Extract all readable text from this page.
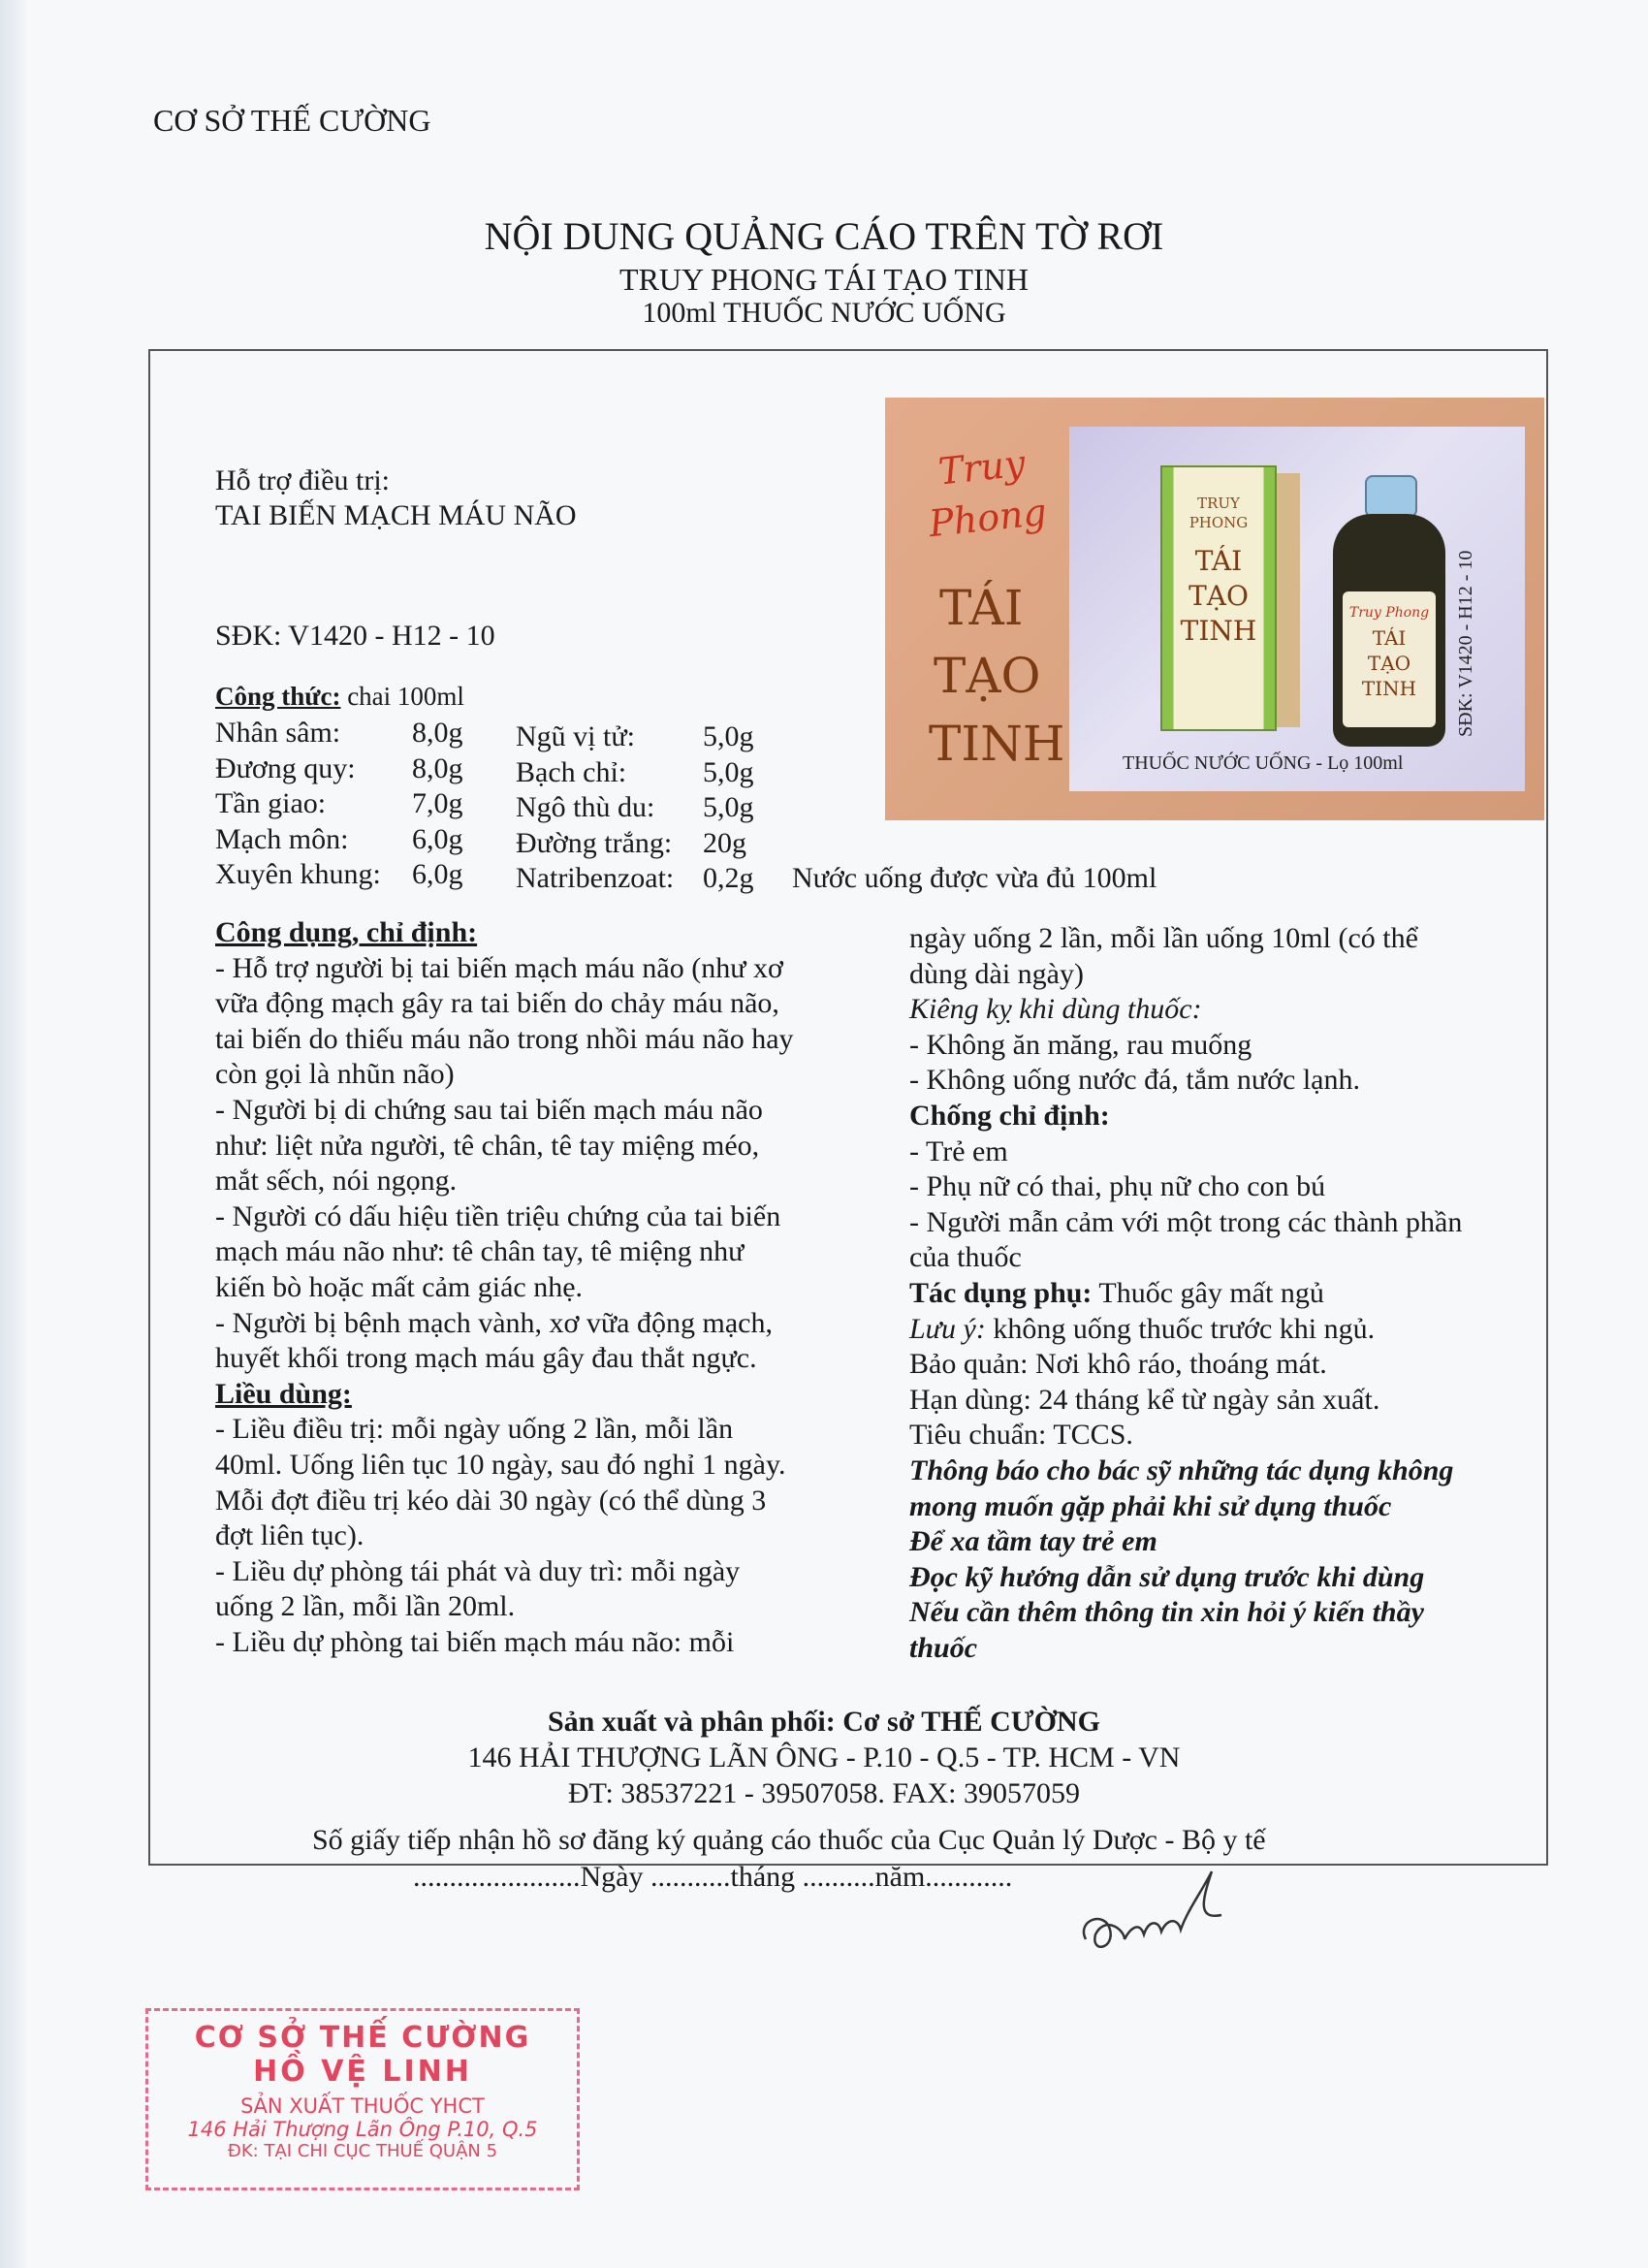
CƠ SỞ THẾ CƯỜNG
NỘI DUNG QUẢNG CÁO TRÊN TỜ RƠI
TRUY PHONG TÁI TẠO TINH
100ml THUỐC NƯỚC UỐNG
Hỗ trợ điều trị:
TAI BIẾN MẠCH MÁU NÃO
SĐK: V1420 - H12 - 10
Công thức: chai 100ml
Nhân sâm:
Đương quy:
Tần giao:
Mạch môn:
Xuyên khung:
8,0g
8,0g
7,0g
6,0g
6,0g
Ngũ vị tử:
Bạch chỉ:
Ngô thù du:
Đường trắng:
Natribenzoat:
5,0g
5,0g
5,0g
20g
0,2g Nước uống được vừa đủ 100ml
Truy
Phong
TÁI
TẠO
TINH
TRUY
PHONG
TÁI
TẠO
TINH
Truy Phong
TÁI
TẠO
TINH
THUỐC NƯỚC UỐNG - Lọ 100ml
SĐK: V1420 - H12 - 10
Công dụng, chỉ định:
- Hỗ trợ người bị tai biến mạch máu não (như xơ
vữa động mạch gây ra tai biến do chảy máu não,
tai biến do thiếu máu não trong nhồi máu não hay
còn gọi là nhũn não)
- Người bị di chứng sau tai biến mạch máu não
như: liệt nửa người, tê chân, tê tay miệng méo,
mắt sếch, nói ngọng.
- Người có dấu hiệu tiền triệu chứng của tai biến
mạch máu não như: tê chân tay, tê miệng như
kiến bò hoặc mất cảm giác nhẹ.
- Người bị bệnh mạch vành, xơ vữa động mạch,
huyết khối trong mạch máu gây đau thắt ngực.
Liều dùng:
- Liều điều trị: mỗi ngày uống 2 lần, mỗi lần
40ml. Uống liên tục 10 ngày, sau đó nghỉ 1 ngày.
Mỗi đợt điều trị kéo dài 30 ngày (có thể dùng 3
đợt liên tục).
- Liều dự phòng tái phát và duy trì: mỗi ngày
uống 2 lần, mỗi lần 20ml.
- Liều dự phòng tai biến mạch máu não: mỗi
ngày uống 2 lần, mỗi lần uống 10ml (có thể
dùng dài ngày)
Kiêng kỵ khi dùng thuốc:
- Không ăn măng, rau muống
- Không uống nước đá, tắm nước lạnh.
Chống chỉ định:
- Trẻ em
- Phụ nữ có thai, phụ nữ cho con bú
- Người mẫn cảm với một trong các thành phần
của thuốc
Tác dụng phụ: Thuốc gây mất ngủ
Lưu ý: không uống thuốc trước khi ngủ.
Bảo quản: Nơi khô ráo, thoáng mát.
Hạn dùng: 24 tháng kể từ ngày sản xuất.
Tiêu chuẩn: TCCS.
Thông báo cho bác sỹ những tác dụng không
mong muốn gặp phải khi sử dụng thuốc
Để xa tầm tay trẻ em
Đọc kỹ hướng dẫn sử dụng trước khi dùng
Nếu cần thêm thông tin xin hỏi ý kiến thầy
thuốc
Sản xuất và phân phối: Cơ sở THẾ CƯỜNG
146 HẢI THƯỢNG LÃN ÔNG - P.10 - Q.5 - TP. HCM - VN
ĐT: 38537221 - 39507058. FAX: 39057059
Số giấy tiếp nhận hồ sơ đăng ký quảng cáo thuốc của Cục Quản lý Dược - Bộ y tế
.......................Ngày ...........tháng ..........năm............
CƠ SỞ THẾ CƯỜNG
HỒ VỆ LINH
SẢN XUẤT THUỐC YHCT
146 Hải Thượng Lãn Ông P.10, Q.5
ĐK: TẠI CHI CỤC THUẾ QUẬN 5
